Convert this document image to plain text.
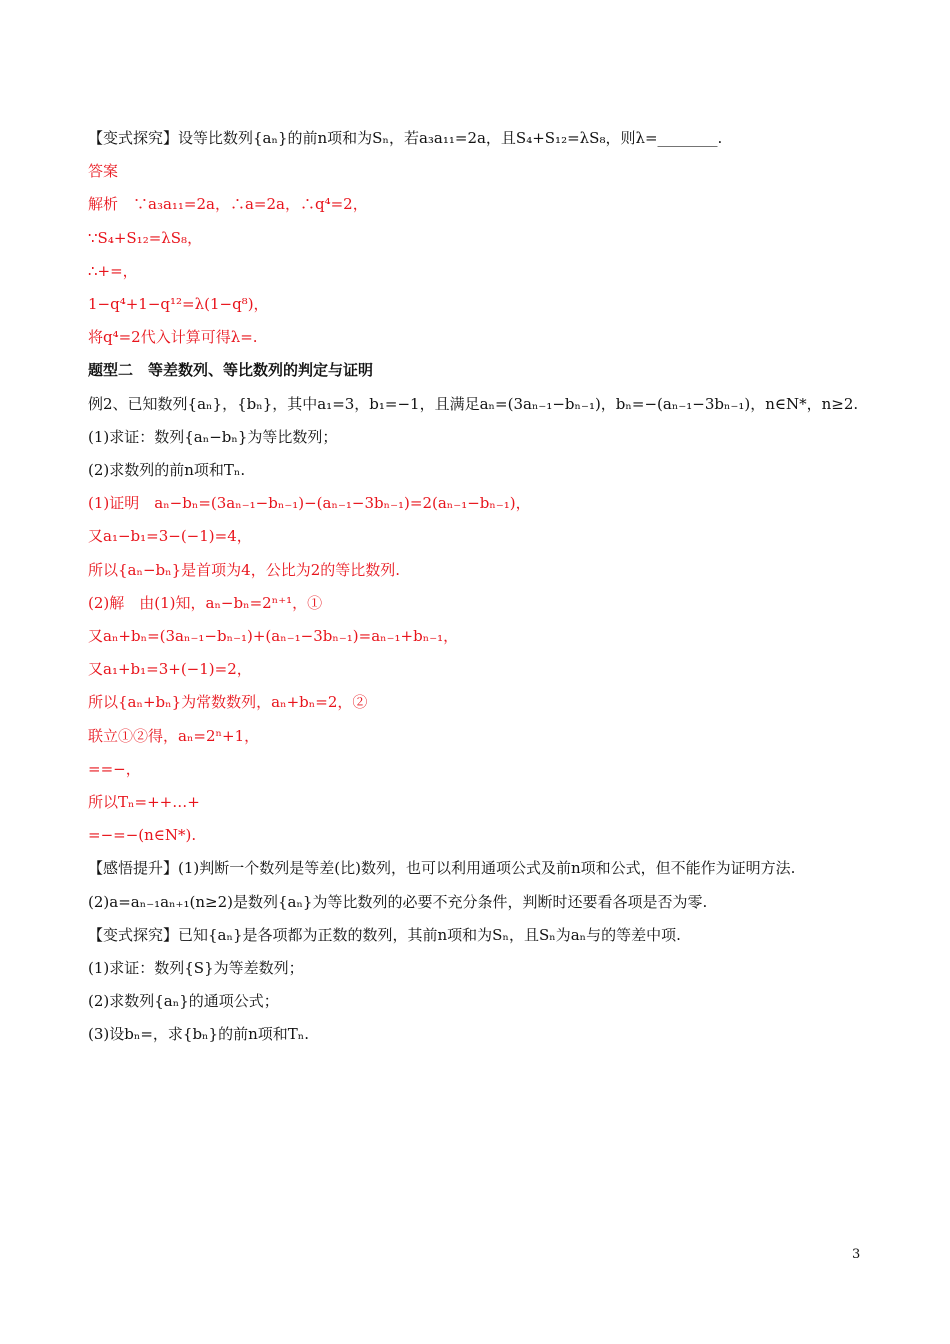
【变式探究】设等比数列{aₙ}的前n项和为Sₙ，若a₃a₁₁=2a，且S₄+S₁₂=λS₈，则λ=________.
答案
解析　∵a₃a₁₁=2a，∴a=2a，∴q⁴=2，
∵S₄+S₁₂=λS₈，
∴+=，
1−q⁴+1−q¹²=λ(1−q⁸)，
将q⁴=2代入计算可得λ=.
题型二　等差数列、等比数列的判定与证明
例2、已知数列{aₙ}，{bₙ}，其中a₁=3，b₁=−1，且满足aₙ=(3aₙ₋₁−bₙ₋₁)，bₙ=−(aₙ₋₁−3bₙ₋₁)，n∈N*，n≥2.
(1)求证：数列{aₙ−bₙ}为等比数列；
(2)求数列的前n项和Tₙ.
(1)证明　aₙ−bₙ=(3aₙ₋₁−bₙ₋₁)−(aₙ₋₁−3bₙ₋₁)=2(aₙ₋₁−bₙ₋₁)，
又a₁−b₁=3−(−1)=4，
所以{aₙ−bₙ}是首项为4，公比为2的等比数列.
(2)解　由(1)知，aₙ−bₙ=2ⁿ⁺¹，①
又aₙ+bₙ=(3aₙ₋₁−bₙ₋₁)+(aₙ₋₁−3bₙ₋₁)=aₙ₋₁+bₙ₋₁，
又a₁+b₁=3+(−1)=2，
所以{aₙ+bₙ}为常数数列，aₙ+bₙ=2，②
联立①②得，aₙ=2ⁿ+1，
==−，
所以Tₙ=++…+
=−=−(n∈N*).
【感悟提升】(1)判断一个数列是等差(比)数列，也可以利用通项公式及前n项和公式，但不能作为证明方法.
(2)a=aₙ₋₁aₙ₊₁(n≥2)是数列{aₙ}为等比数列的必要不充分条件，判断时还要看各项是否为零.
【变式探究】已知{aₙ}是各项都为正数的数列，其前n项和为Sₙ，且Sₙ为aₙ与的等差中项.
(1)求证：数列{S}为等差数列；
(2)求数列{aₙ}的通项公式；
(3)设bₙ=，求{bₙ}的前n项和Tₙ.
3
